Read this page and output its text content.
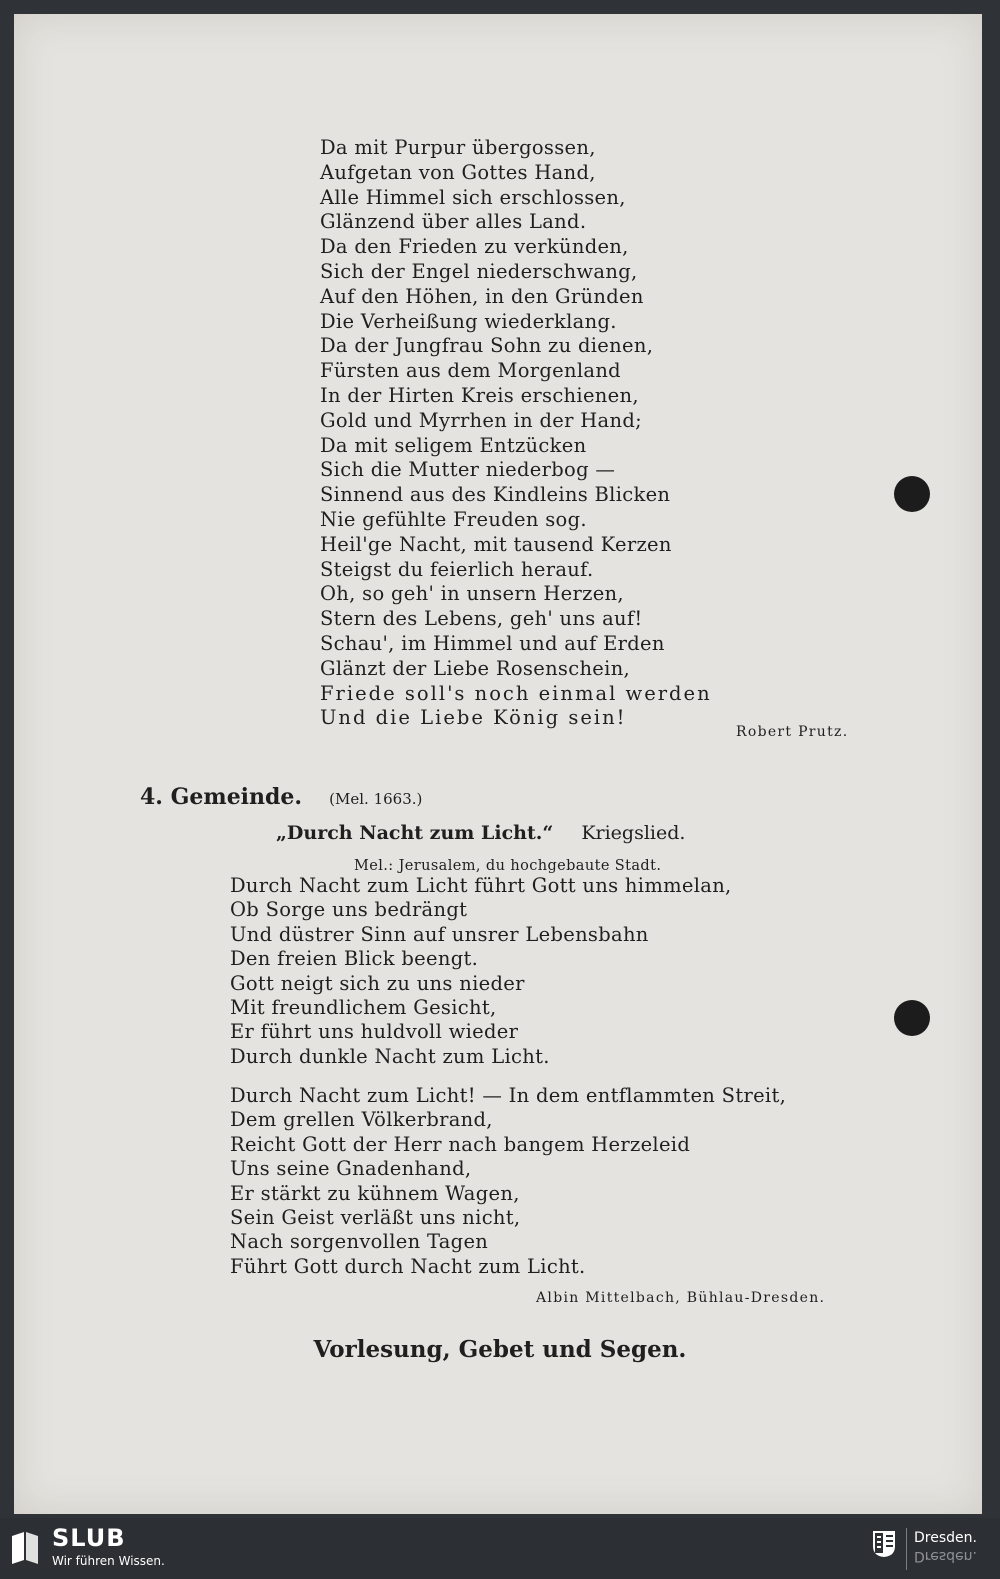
Da mit Purpur übergossen,
Aufgetan von Gottes Hand,
Alle Himmel sich erschlossen,
Glänzend über alles Land.
Da den Frieden zu verkünden,
Sich der Engel niederschwang,
Auf den Höhen, in den Gründen
Die Verheißung wiederklang.
Da der Jungfrau Sohn zu dienen,
Fürsten aus dem Morgenland
In der Hirten Kreis erschienen,
Gold und Myrrhen in der Hand;
Da mit seligem Entzücken
Sich die Mutter niederbog —
Sinnend aus des Kindleins Blicken
Nie gefühlte Freuden sog.
Heil'ge Nacht, mit tausend Kerzen
Steigst du feierlich herauf.
Oh, so geh' in unsern Herzen,
Stern des Lebens, geh' uns auf!
Schau', im Himmel und auf Erden
Glänzt der Liebe Rosenschein,
Friede soll's noch einmal werden
Und die Liebe König sein!
Robert Prutz.
4. Gemeinde. (Mel. 1663.)
„Durch Nacht zum Licht.“ Kriegslied.
Mel.: Jerusalem, du hochgebaute Stadt.
Durch Nacht zum Licht führt Gott uns himmelan,
Ob Sorge uns bedrängt
Und düstrer Sinn auf unsrer Lebensbahn
Den freien Blick beengt.
Gott neigt sich zu uns nieder
Mit freundlichem Gesicht,
Er führt uns huldvoll wieder
Durch dunkle Nacht zum Licht.
Durch Nacht zum Licht! — In dem entflammten Streit,
Dem grellen Völkerbrand,
Reicht Gott der Herr nach bangem Herzeleid
Uns seine Gnadenhand,
Er stärkt zu kühnem Wagen,
Sein Geist verläßt uns nicht,
Nach sorgenvollen Tagen
Führt Gott durch Nacht zum Licht.
Albin Mittelbach, Bühlau-Dresden.
Vorlesung, Gebet und Segen.
SLUB
Wir führen Wissen.
Dresden.
Dresden.
